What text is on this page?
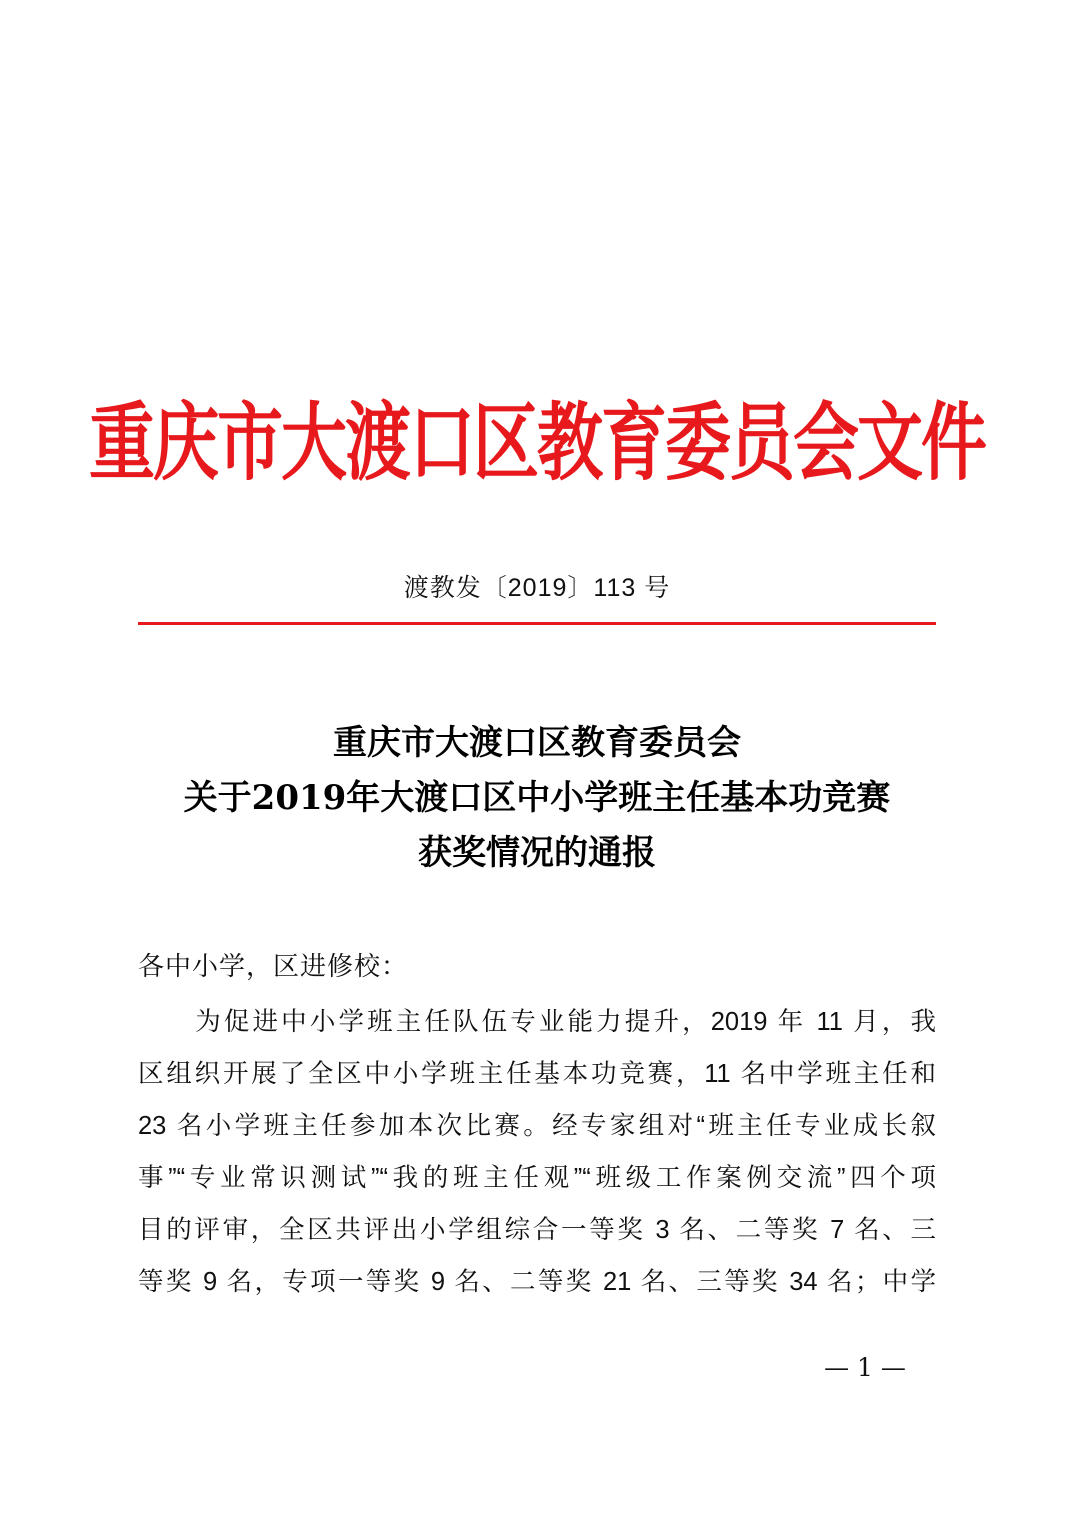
重庆市大渡口区教育委员会文件
渡教发〔2019〕113 号
重庆市大渡口区教育委员会
关于2019年大渡口区中小学班主任基本功竞赛
获奖情况的通报
各中小学，区进修校：
　　为促进中小学班主任队伍专业能力提升，2019 年 11 月，我
区组织开展了全区中小学班主任基本功竞赛，11 名中学班主任和
23 名小学班主任参加本次比赛。经专家组对“班主任专业成长叙
事”“专业常识测试”“我的班主任观”“班级工作案例交流”四个项
目的评审，全区共评出小学组综合一等奖 3 名、二等奖 7 名、三
等奖 9 名，专项一等奖 9 名、二等奖 21 名、三等奖 34 名；中学
— 1 —
